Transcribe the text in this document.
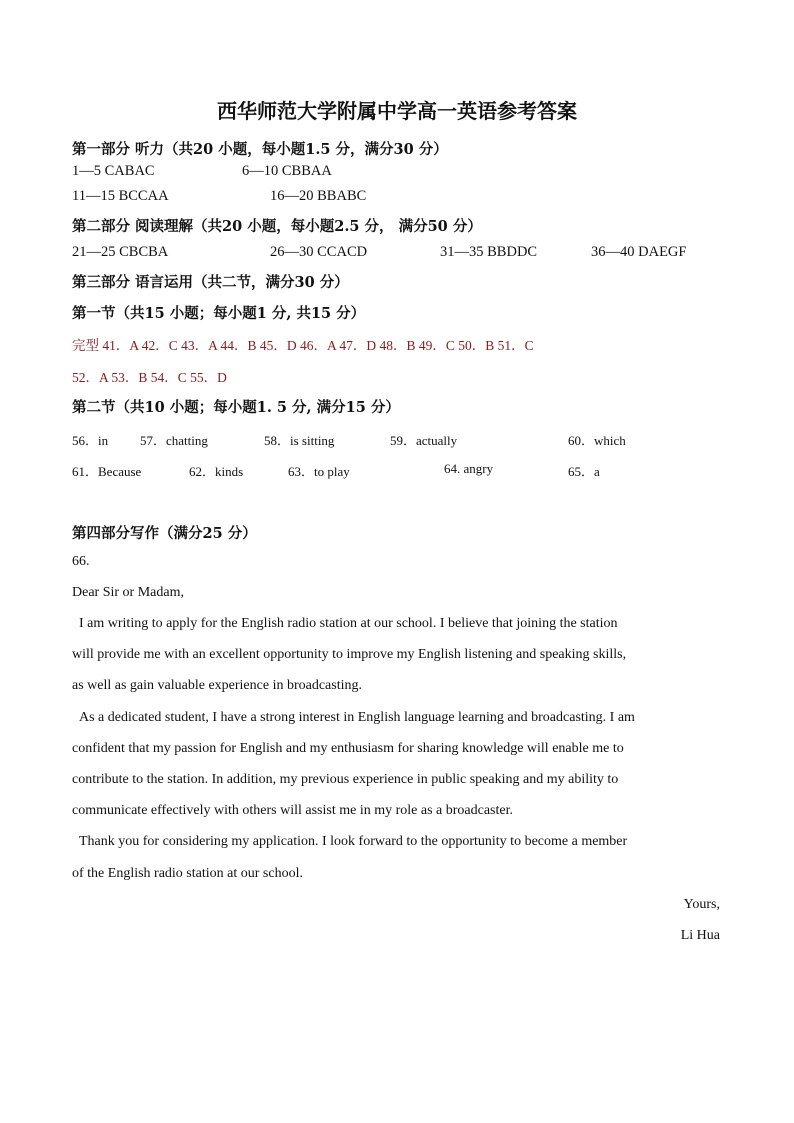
西华师范大学附属中学高一英语参考答案
第一部分 听力（共20 小题，每小题1.5 分，满分30 分）
1—5 CABAC	6—10 CBBAA
11—15 BCCAA	16—20 BBABC
第二部分 阅读理解（共20 小题，每小题2.5 分， 满分50 分）
21—25 CBCBA	26—30 CCACD	31—35 BBDDC	36—40 DAEGF
第三部分 语言运用（共二节，满分30 分）
第一节（共15 小题；每小题1 分, 共15 分）
完型 41．A 42．C 43．A 44．B 45．D 46．A 47．D 48．B 49．C 50．B 51．C
52．A 53．B 54．C 55．D
第二节（共10 小题；每小题1. 5 分, 满分15 分）
56．in 57．chatting	58．is sitting	59．actually	60．which
61．Because	62．kinds	63．to play	64. angry	65．a
第四部分写作（满分25 分）
66.
Dear Sir or Madam,
I am writing to apply for the English radio station at our school. I believe that joining the station
will provide me with an excellent opportunity to improve my English listening and speaking skills,
as well as gain valuable experience in broadcasting.
As a dedicated student, I have a strong interest in English language learning and broadcasting. I am
confident that my passion for English and my enthusiasm for sharing knowledge will enable me to
contribute to the station. In addition, my previous experience in public speaking and my ability to
communicate effectively with others will assist me in my role as a broadcaster.
Thank you for considering my application. I look forward to the opportunity to become a member
of the English radio station at our school.
Yours,
Li Hua
